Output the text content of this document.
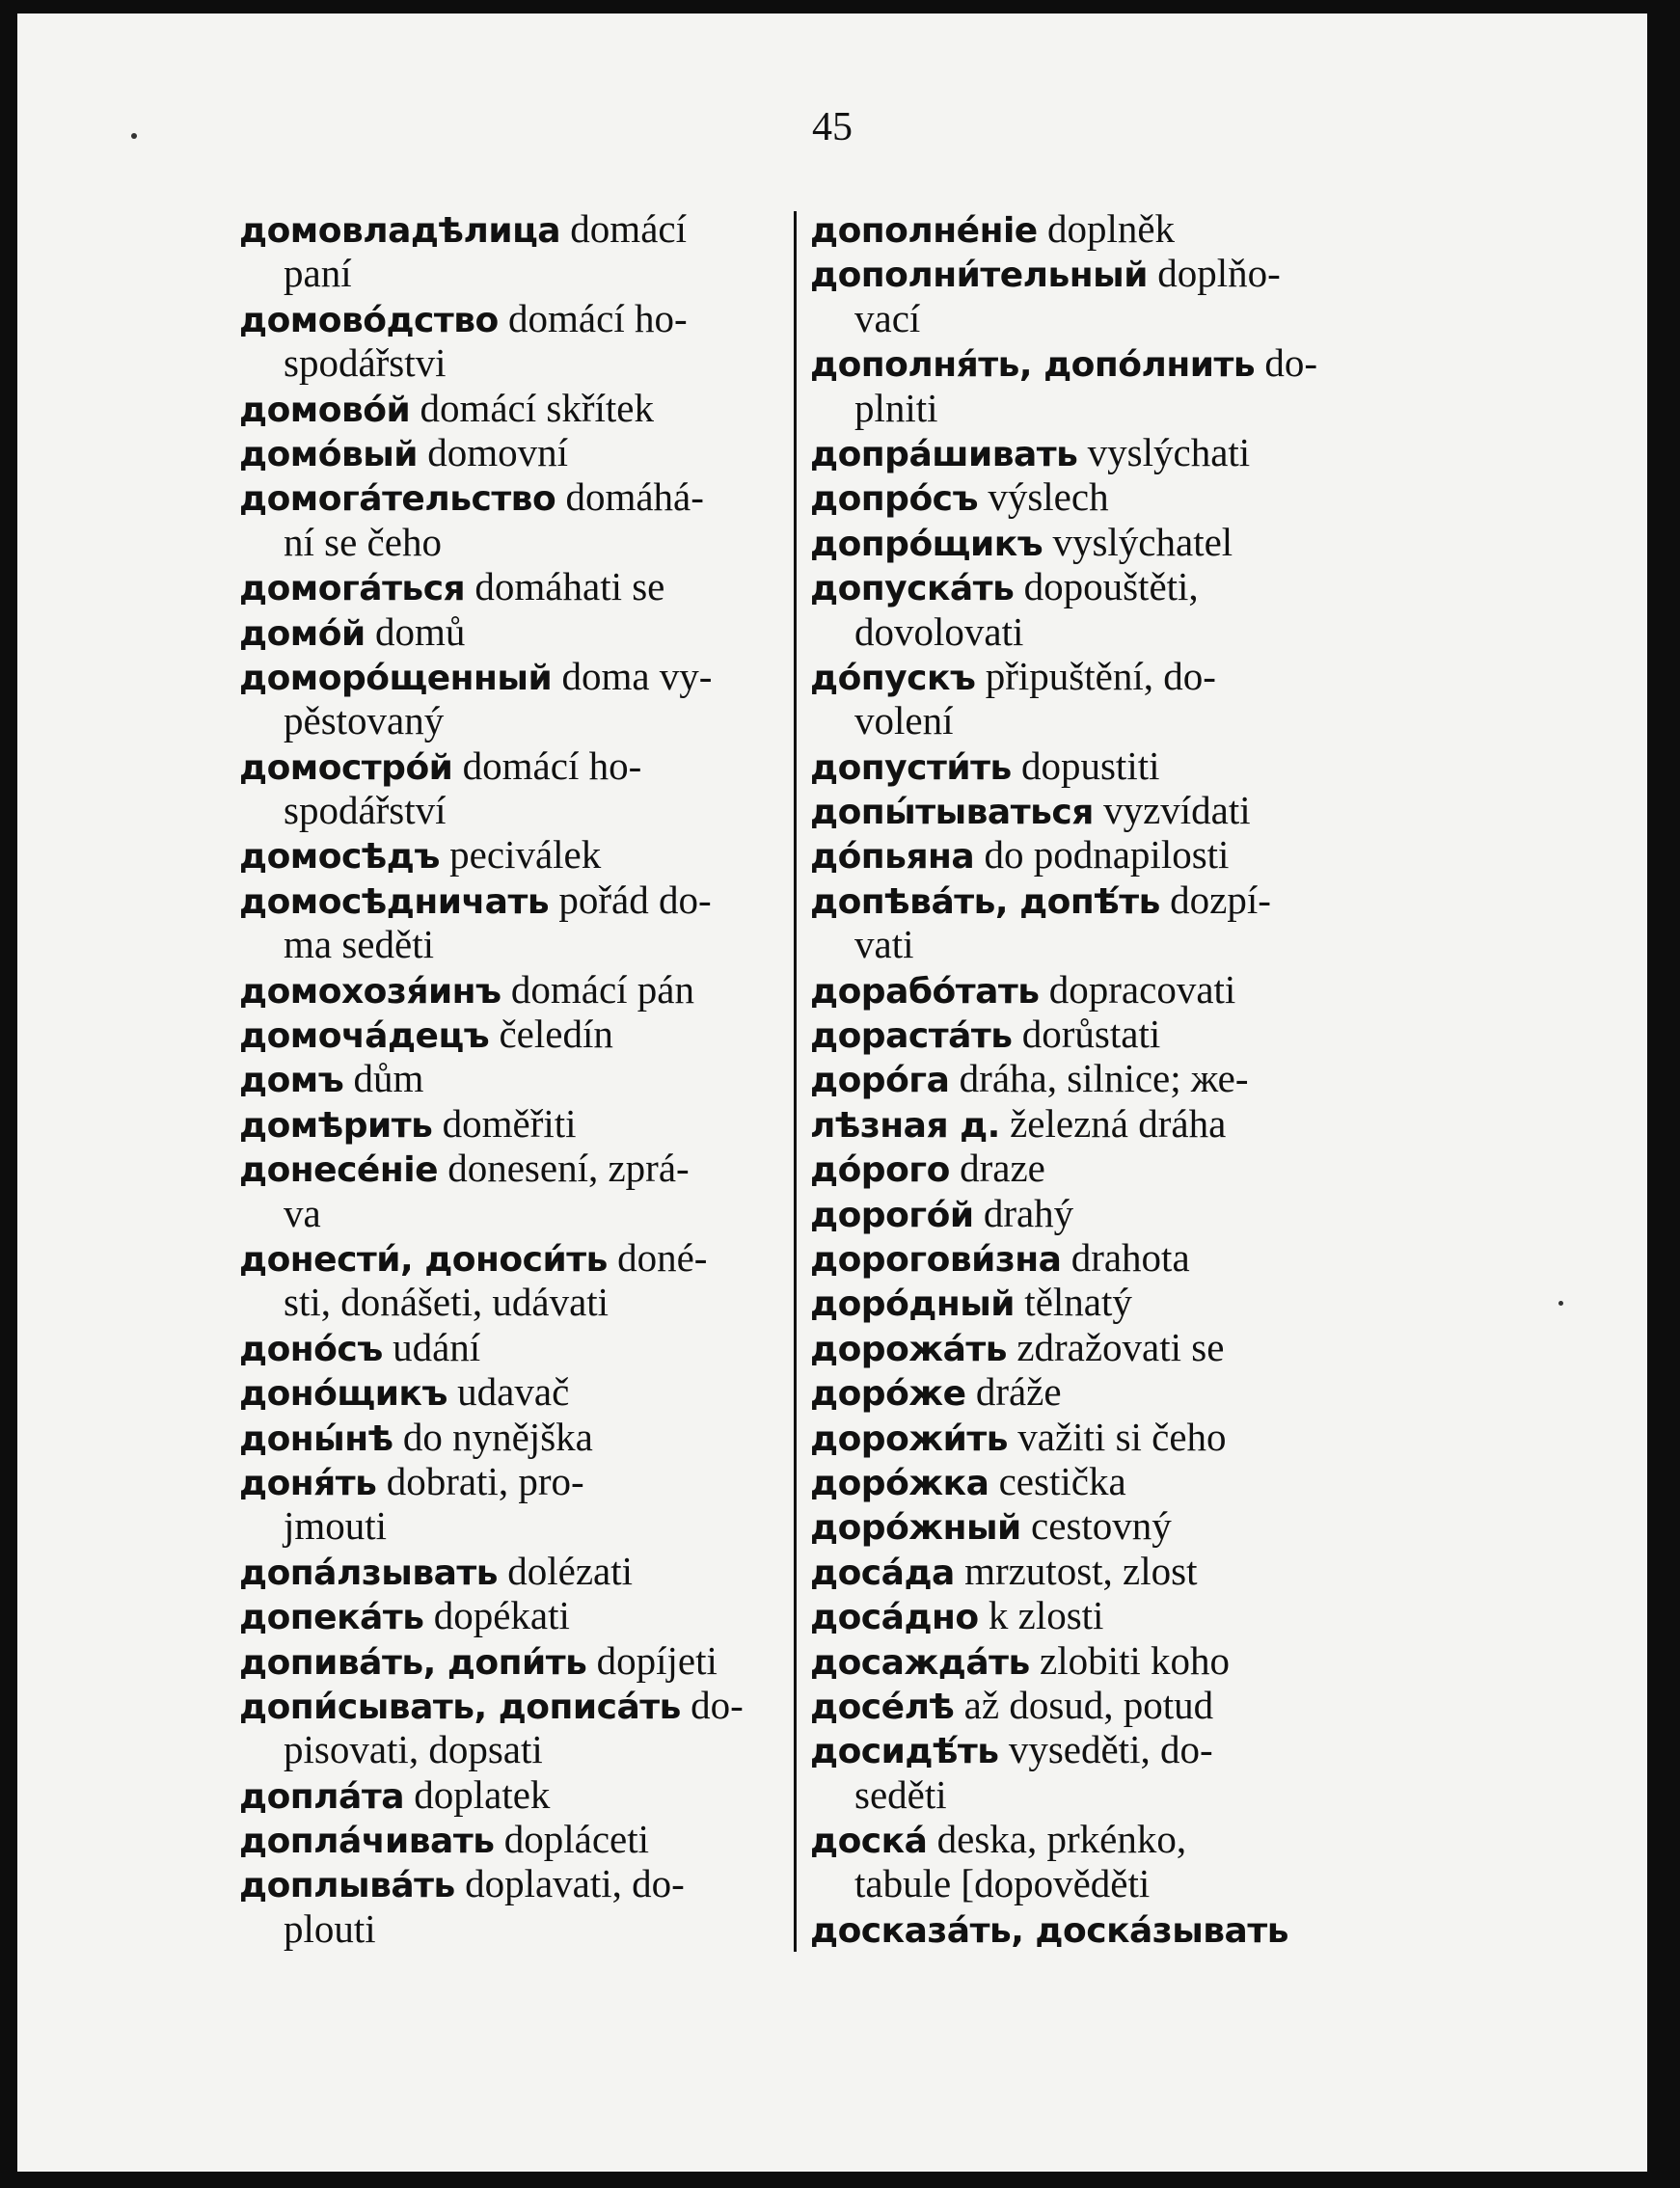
45
домовладѣлица domácí
paní
домово́дство domácí ho-
spodářstvi
домово́й domácí skřítek
домо́вый domovní
домога́тельство domáhá-
ní se čeho
домога́ться domáhati se
домо́й domů
доморо́щенный doma vy-
pěstovaný
домостро́й domácí ho-
spodářství
домосѣдъ peciválek
домосѣдничать pořád do-
ma seděti
домохозя́инъ domácí pán
домоча́децъ čeledín
домъ dům
домѣрить doměřiti
донесе́ніе donesení, zprá-
va
донести́, доноси́ть doné-
sti, donášeti, udávati
доно́съ udání
доно́щикъ udavač
доны́нѣ do nynějška
доня́ть dobrati, pro-
jmouti
допа́лзывать dolézati
допека́ть dopékati
допива́ть, допи́ть dopíjeti
допи́сывать, дописа́ть do-
pisovati, dopsati
допла́та doplatek
допла́чивать dopláceti
доплыва́ть doplavati, do-
plouti
дополне́ніе doplněk
дополни́тельный doplňo-
vací
дополня́ть, допо́лнить do-
plniti
допра́шивать vyslýchati
допро́съ výslech
допро́щикъ vyslýchatel
допуска́ть dopouštěti,
dovolovati
до́пускъ připuštění, do-
volení
допусти́ть dopustiti
допы́тываться vyzvídati
до́пьяна do podnapilosti
допѣва́ть, допѣ́ть dozpí-
vati
дорабо́тать dopracovati
дораста́ть dorůstati
доро́га dráha, silnice; же-
лѣзная д. železná dráha
до́рого draze
дорого́й drahý
дорогови́зна drahota
доро́дный tělnatý
дорожа́ть zdražovati se
доро́же dráže
дорожи́ть važiti si čeho
доро́жка cestička
доро́жный cestovný
доса́да mrzutost, zlost
доса́дно k zlosti
досажда́ть zlobiti koho
досе́лѣ až dosud, potud
досидѣ́ть vyseděti, do-
seděti
доска́ deska, prkénko,
tabule [dopověděti
досказа́ть, доска́зывать
